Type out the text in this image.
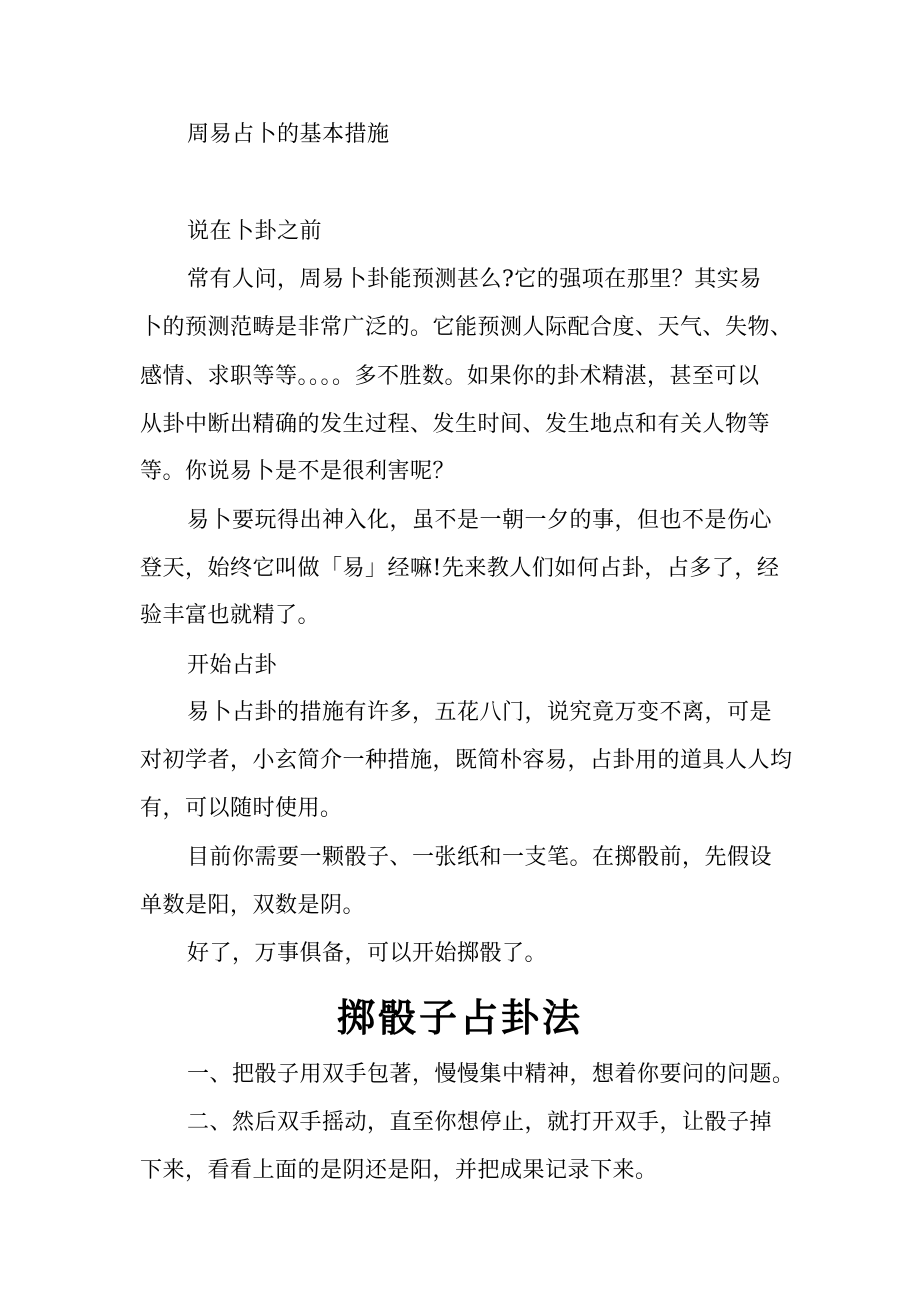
周易占卜的基本措施
说在卜卦之前
常有人问，周易卜卦能预测甚么?它的强项在那里？其实易
卜的预测范畴是非常广泛的。它能预测人际配合度、天气、失物、
感情、求职等等。。。。多不胜数。如果你的卦术精湛，甚至可以
从卦中断出精确的发生过程、发生时间、发生地点和有关人物等
等。你说易卜是不是很利害呢？
易卜要玩得出神入化，虽不是一朝一夕的事，但也不是伤心
登天，始终它叫做「易」经嘛!先来教人们如何占卦，占多了，经
验丰富也就精了。
开始占卦
易卜占卦的措施有许多，五花八门，说究竟万变不离，可是
对初学者，小玄简介一种措施，既简朴容易，占卦用的道具人人均
有，可以随时使用。
目前你需要一颗骰子、一张纸和一支笔。在掷骰前，先假设
单数是阳，双数是阴。
好了，万事俱备，可以开始掷骰了。
掷骰子占卦法
一、把骰子用双手包著，慢慢集中精神，想着你要问的问题。
二、然后双手摇动，直至你想停止，就打开双手，让骰子掉
下来，看看上面的是阴还是阳，并把成果记录下来。
